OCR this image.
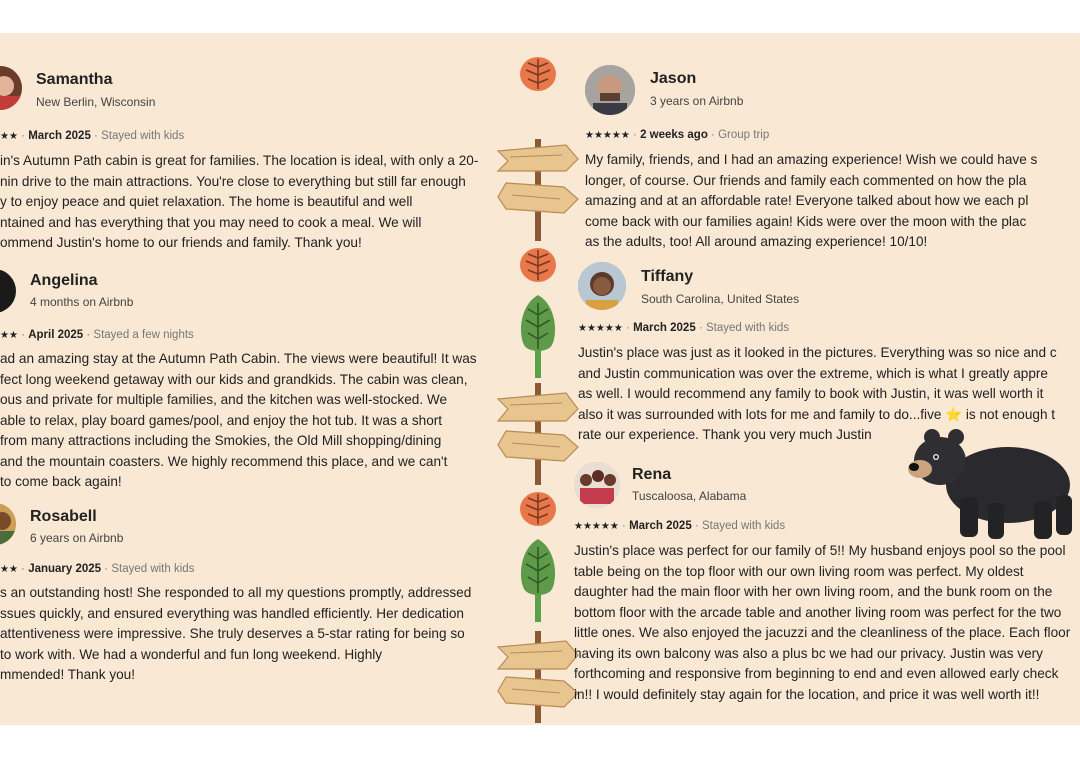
Samantha
New Berlin, Wisconsin
★★ · March 2025 · Stayed with kids
in's Autumn Path cabin is great for families. The location is ideal, with only a 20-
nin drive to the main attractions. You're close to everything but still far enough
y to enjoy peace and quiet relaxation. The home is beautiful and well
ntained and has everything that you may need to cook a meal. We will
ommend Justin's home to our friends and family. Thank you!
Angelina
4 months on Airbnb
★★ · April 2025 · Stayed a few nights
ad an amazing stay at the Autumn Path Cabin. The views were beautiful! It was
fect long weekend getaway with our kids and grandkids. The cabin was clean,
ous and private for multiple families, and the kitchen was well-stocked. We
able to relax, play board games/pool, and enjoy the hot tub. It was a short
from many attractions including the Smokies, the Old Mill shopping/dining
and the mountain coasters. We highly recommend this place, and we can't
to come back again!
Rosabell
6 years on Airbnb
★★ · January 2025 · Stayed with kids
s an outstanding host! She responded to all my questions promptly, addressed
ssues quickly, and ensured everything was handled efficiently. Her dedication
attentiveness were impressive. She truly deserves a 5-star rating for being so
to work with. We had a wonderful and fun long weekend. Highly
mmended! Thank you!
Jason
3 years on Airbnb
★★★★★ · 2 weeks ago · Group trip
My family, friends, and I had an amazing experience! Wish we could have s
longer, of course. Our friends and family each commented on how the pla
amazing and at an affordable rate! Everyone talked about how we each pl
come back with our families again! Kids were over the moon with the plac
as the adults, too! All around amazing experience! 10/10!
Tiffany
South Carolina, United States
★★★★★ · March 2025 · Stayed with kids
Justin's place was just as it looked in the pictures. Everything was so nice and c
and Justin communication was over the extreme, which is what I greatly appre
as well. I would recommend any family to book with Justin, it was well worth it
also it was surrounded with lots for me and family to do...five ⭐ is not enough t
rate our experience. Thank you very much Justin
Rena
Tuscaloosa, Alabama
★★★★★ · March 2025 · Stayed with kids
Justin's place was perfect for our family of 5!! My husband enjoys pool so the pool
table being on the top floor with our own living room was perfect. My oldest
daughter had the main floor with her own living room, and the bunk room on the
bottom floor with the arcade table and another living room was perfect for the two
little ones. We also enjoyed the jacuzzi and the cleanliness of the place. Each floor
having its own balcony was also a plus bc we had our privacy. Justin was very
forthcoming and responsive from beginning to end and even allowed early check
in!! I would definitely stay again for the location, and price it was well worth it!!
